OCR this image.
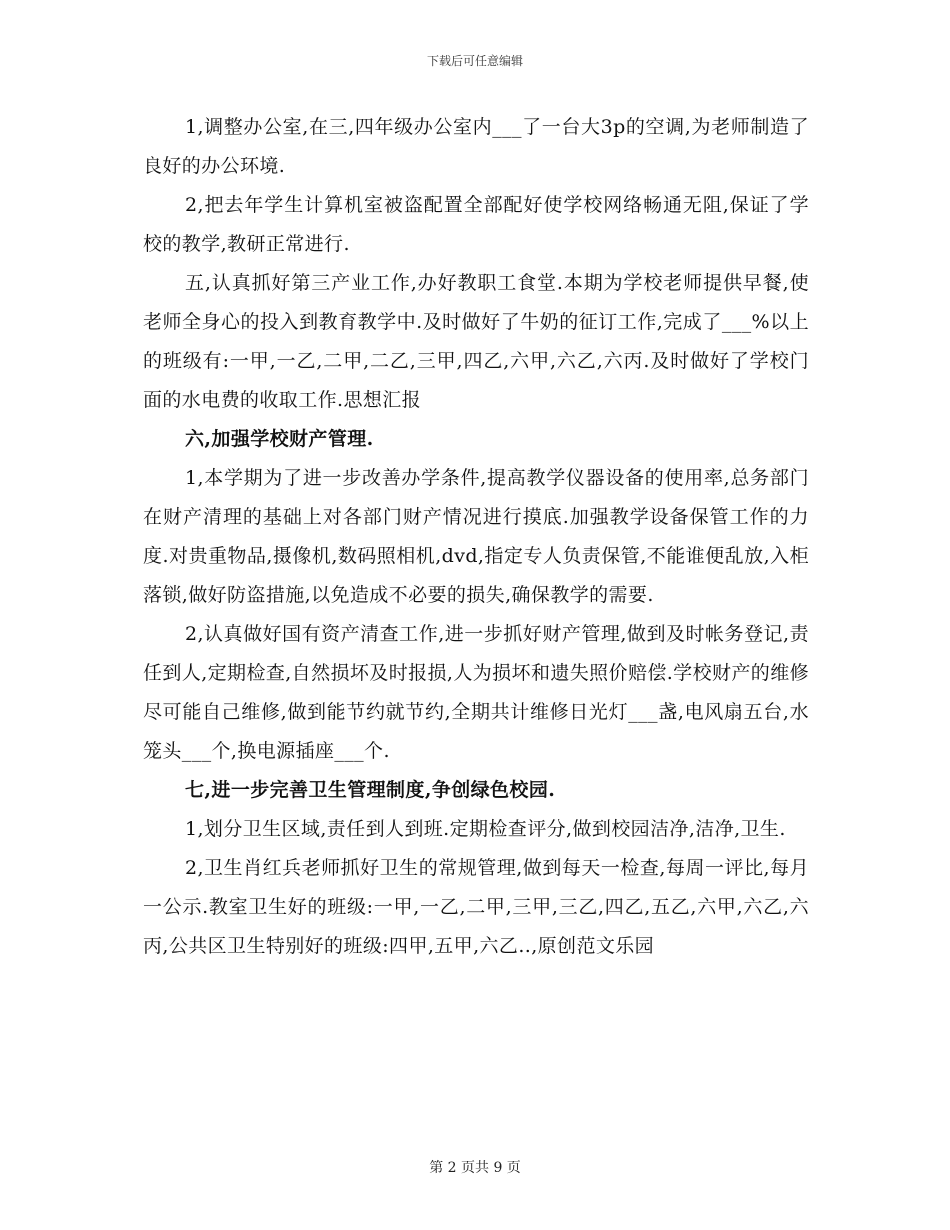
下载后可任意编辑

1,调整办公室,在三,四年级办公室内___了一台大3p的空调,为老师制造了良好的办公环境.

2,把去年学生计算机室被盗配置全部配好使学校网络畅通无阻,保证了学校的教学,教研正常进行.

五,认真抓好第三产业工作,办好教职工食堂.本期为学校老师提供早餐,使老师全身心的投入到教育教学中.及时做好了牛奶的征订工作,完成了___%以上的班级有:一甲,一乙,二甲,二乙,三甲,四乙,六甲,六乙,六丙.及时做好了学校门面的水电费的收取工作.思想汇报

六,加强学校财产管理.

1,本学期为了进一步改善办学条件,提高教学仪器设备的使用率,总务部门在财产清理的基础上对各部门财产情况进行摸底.加强教学设备保管工作的力度.对贵重物品,摄像机,数码照相机,dvd,指定专人负责保管,不能谁便乱放,入柜落锁,做好防盗措施,以免造成不必要的损失,确保教学的需要.

2,认真做好国有资产清查工作,进一步抓好财产管理,做到及时帐务登记,责任到人,定期检查,自然损坏及时报损,人为损坏和遗失照价赔偿.学校财产的维修尽可能自己维修,做到能节约就节约,全期共计维修日光灯___盏,电风扇五台,水笼头___个,换电源插座___个.

七,进一步完善卫生管理制度,争创绿色校园.

1,划分卫生区域,责任到人到班.定期检查评分,做到校园洁净,洁净,卫生.

2,卫生肖红兵老师抓好卫生的常规管理,做到每天一检查,每周一评比,每月一公示.教室卫生好的班级:一甲,一乙,二甲,三甲,三乙,四乙,五乙,六甲,六乙,六丙,公共区卫生特别好的班级:四甲,五甲,六乙..,原创范文乐园

第 2 页共 9 页
